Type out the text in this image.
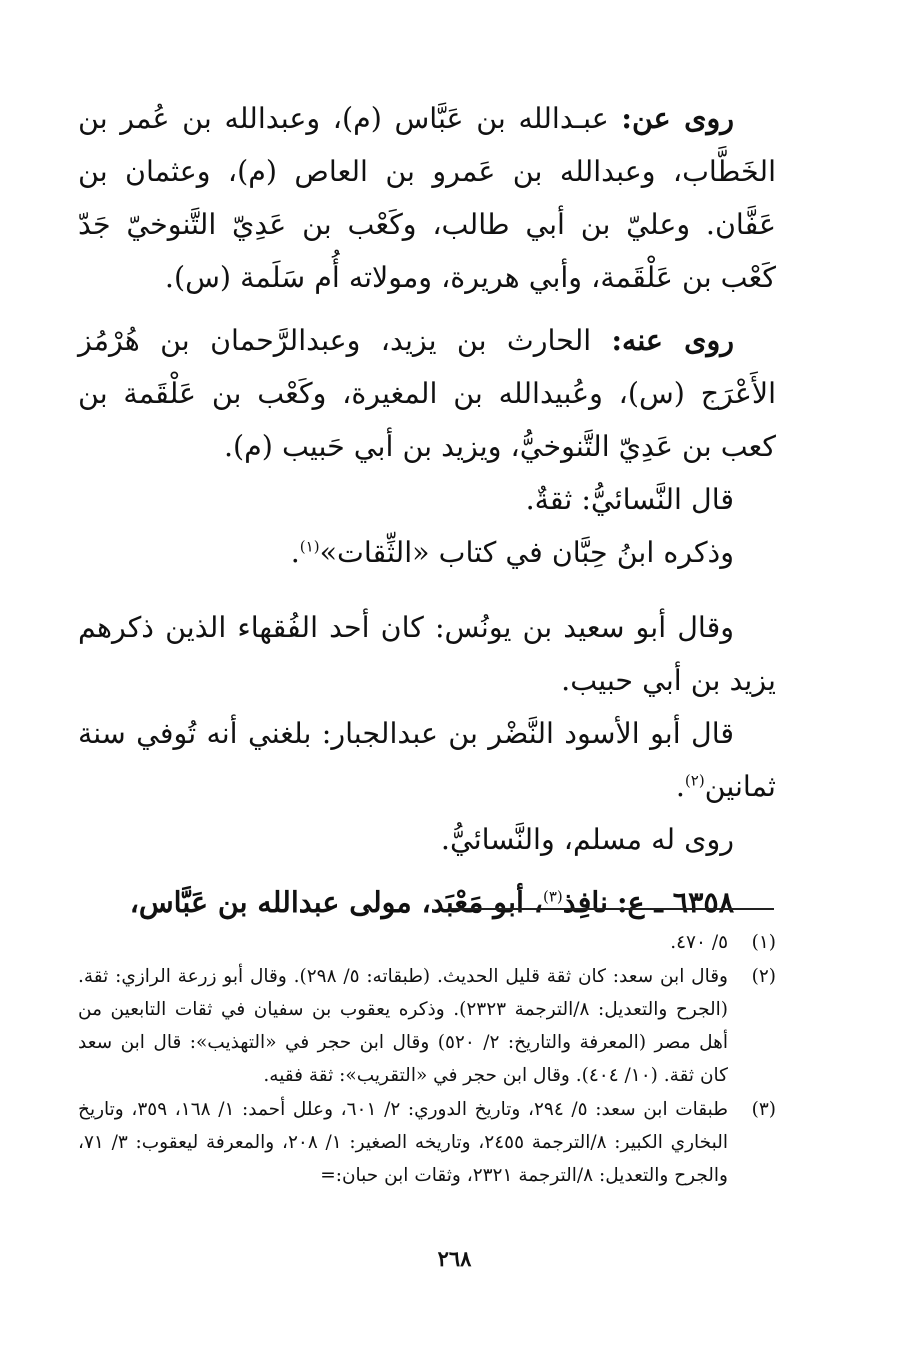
روى عن: عبـدالله بن عَبَّاس (م)، وعبدالله بن عُمر بن الخَطَّاب، وعبدالله بن عَمرو بن العاص (م)، وعثمان بن عَفَّان. وعليّ بن أبي طالب، وكَعْب بن عَدِيّ التَّنوخيّ جَدّ كَعْب بن عَلْقَمة، وأبي هريرة، ومولاته أُم سَلَمة (س).

روى عنه: الحارث بن يزيد، وعبدالرَّحمان بن هُرْمُز الأَعْرَج (س)، وعُبيدالله بن المغيرة، وكَعْب بن عَلْقَمة بن كعب بن عَدِيّ التَّنوخيُّ، ويزيد بن أبي حَبيب (م).

قال النَّسائيُّ: ثقةٌ.

وذكره ابنُ حِبَّان في كتاب «الثِّقات»$^{(١)}$.

وقال أبو سعيد بن يونُس: كان أحد الفُقهاء الذين ذكرهم يزيد بن أبي حبيب.

قال أبو الأسود النَّضْر بن عبدالجبار: بلغني أنه تُوفي سنة ثمانين$^{(٢)}$.

روى له مسلم، والنَّسائيُّ.

٦٣٥٨ ـ ع: نافِذ$^{(٣)}$، أبو مَعْبَد، مولى عبدالله بن عَبَّاس،

(١)
٥/ ٤٧٠.
(٢)
وقال ابن سعد: كان ثقة قليل الحديث. (طبقاته: ٥/ ٢٩٨). وقال أبو زرعة الرازي: ثقة. (الجرح والتعديل: ٨/الترجمة ٢٣٢٣). وذكره يعقوب بن سفيان في ثقات التابعين من أهل مصر (المعرفة والتاريخ: ٢/ ٥٢٠) وقال ابن حجر في «التهذيب»: قال ابن سعد كان ثقة. (١٠/ ٤٠٤). وقال ابن حجر في «التقريب»: ثقة فقيه.
(٣)
طبقات ابن سعد: ٥/ ٢٩٤، وتاريخ الدوري: ٢/ ٦٠١، وعلل أحمد: ١/ ١٦٨، ٣٥٩، وتاريخ البخاري الكبير: ٨/الترجمة ٢٤٥٥، وتاريخه الصغير: ١/ ٢٠٨، والمعرفة ليعقوب: ٣/ ٧١، والجرح والتعديل: ٨/الترجمة ٢٣٢١، وثقات ابن حبان:=
٢٦٨
